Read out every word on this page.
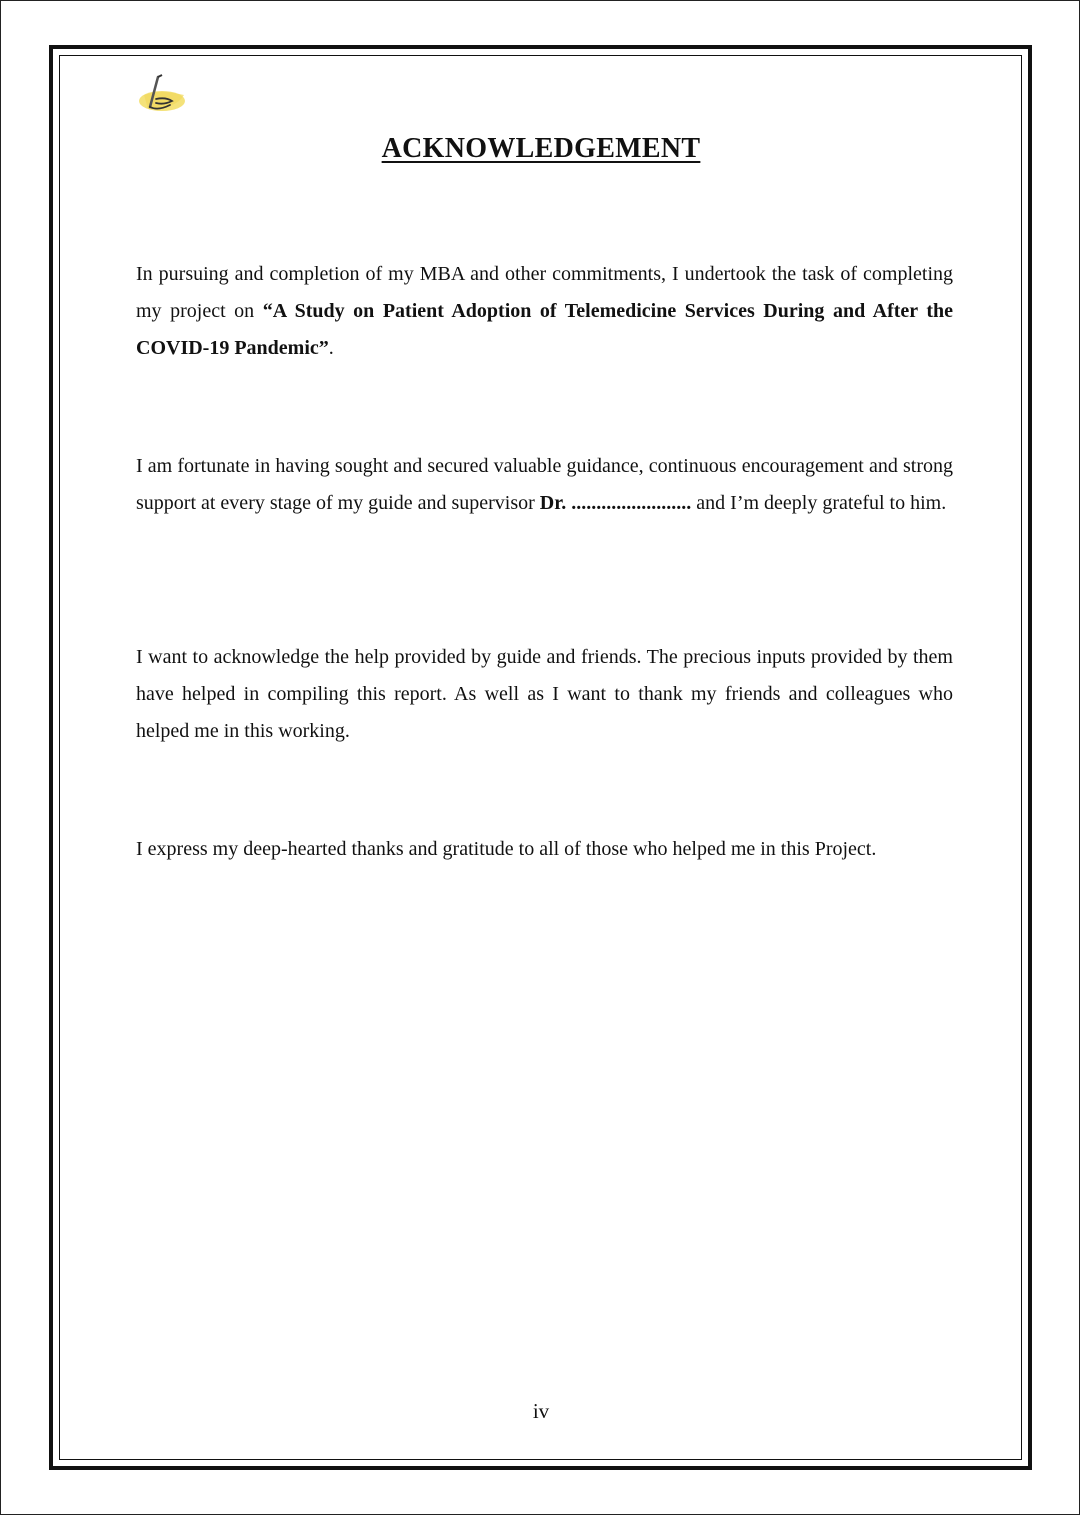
ACKNOWLEDGEMENT

In pursuing and completion of my MBA and other commitments, I undertook the task of completing my project on “A Study on Patient Adoption of Telemedicine Services During and After the COVID-19 Pandemic”.

I am fortunate in having sought and secured valuable guidance, continuous encouragement and strong support at every stage of my guide and supervisor Dr. ........................ and I’m deeply grateful to him.

I want to acknowledge the help provided by guide and friends. The precious inputs provided by them have helped in compiling this report. As well as I want to thank my friends and colleagues who helped me in this working.

I express my deep-hearted thanks and gratitude to all of those who helped me in this Project.

iv
